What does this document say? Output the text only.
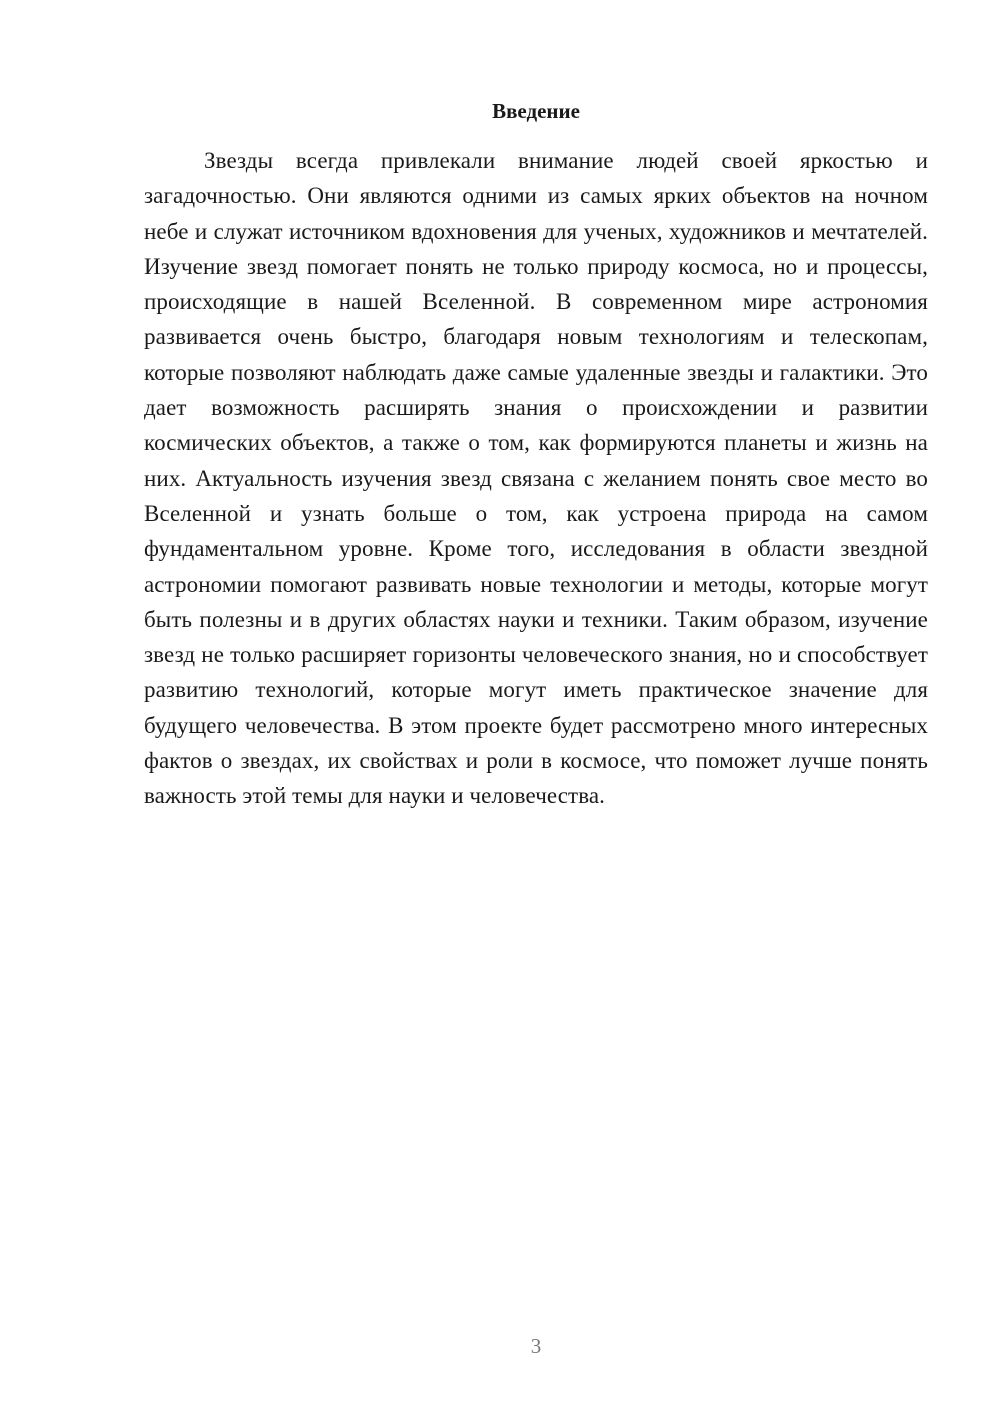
Введение

Звезды всегда привлекали внимание людей своей яркостью и загадочностью. Они являются одними из самых ярких объектов на ночном небе и служат источником вдохновения для ученых, художников и мечтателей. Изучение звезд помогает понять не только природу космоса, но и процессы, происходящие в нашей Вселенной. В современном мире астрономия развивается очень быстро, благодаря новым технологиям и телескопам, которые позволяют наблюдать даже самые удаленные звезды и галактики. Это дает возможность расширять знания о происхождении и развитии космических объектов, а также о том, как формируются планеты и жизнь на них. Актуальность изучения звезд связана с желанием понять свое место во Вселенной и узнать больше о том, как устроена природа на самом фундаментальном уровне. Кроме того, исследования в области звездной астрономии помогают развивать новые технологии и методы, которые могут быть полезны и в других областях науки и техники. Таким образом, изучение звезд не только расширяет горизонты человеческого знания, но и способствует развитию технологий, которые могут иметь практическое значение для будущего человечества. В этом проекте будет рассмотрено много интересных фактов о звездах, их свойствах и роли в космосе, что поможет лучше понять важность этой темы для науки и человечества.

3
